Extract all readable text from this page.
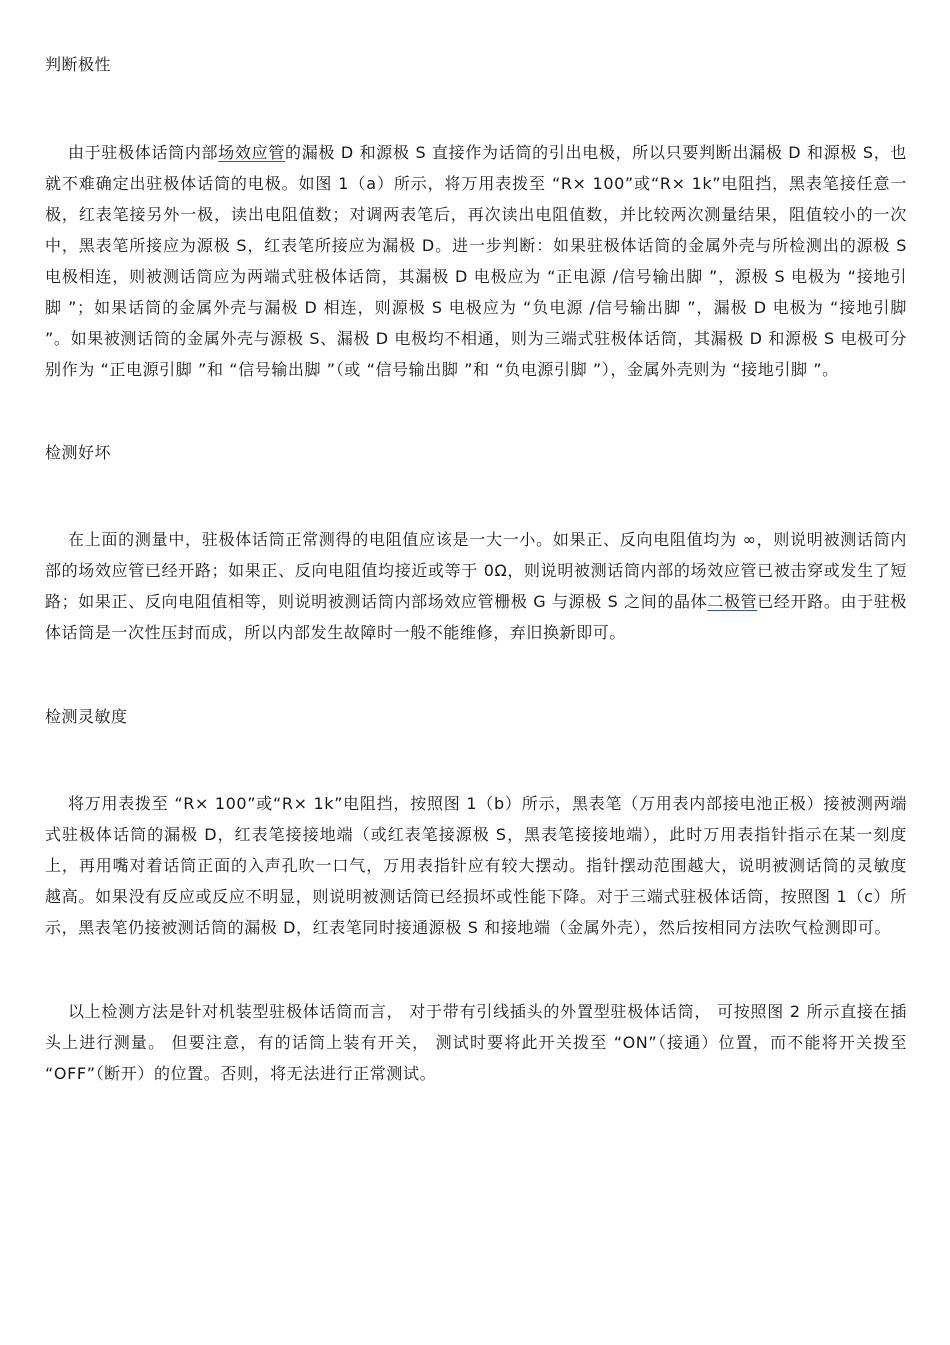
判断极性
由于驻极体话筒内部场效应管的漏极 D 和源极 S 直接作为话筒的引出电极，所以只要判断出漏极 D 和源极 S，也就不难确定出驻极体话筒的电极。如图 1（a）所示，将万用表拨至 “R× 100”或“R× 1k”电阻挡，黑表笔接任意一极，红表笔接另外一极，读出电阻值数；对调两表笔后，再次读出电阻值数，并比较两次测量结果，阻值较小的一次中，黑表笔所接应为源极 S，红表笔所接应为漏极 D。进一步判断：如果驻极体话筒的金属外壳与所检测出的源极 S 电极相连，则被测话筒应为两端式驻极体话筒，其漏极 D 电极应为 “正电源 /信号输出脚 ”，源极 S 电极为 “接地引脚 ”；如果话筒的金属外壳与漏极 D 相连，则源极 S 电极应为 “负电源 /信号输出脚 ”，漏极 D 电极为 “接地引脚 ”。如果被测话筒的金属外壳与源极 S、漏极 D 电极均不相通，则为三端式驻极体话筒，其漏极 D 和源极 S 电极可分别作为 “正电源引脚 ”和 “信号输出脚 ”（或 “信号输出脚 ”和 “负电源引脚 ”），金属外壳则为 “接地引脚 ”。
检测好坏
在上面的测量中，驻极体话筒正常测得的电阻值应该是一大一小。如果正、反向电阻值均为 ∞，则说明被测话筒内部的场效应管已经开路；如果正、反向电阻值均接近或等于 0Ω，则说明被测话筒内部的场效应管已被击穿或发生了短路；如果正、反向电阻值相等，则说明被测话筒内部场效应管栅极 G 与源极 S 之间的晶体二极管已经开路。由于驻极体话筒是一次性压封而成，所以内部发生故障时一般不能维修，弃旧换新即可。
检测灵敏度
将万用表拨至 “R× 100”或“R× 1k”电阻挡，按照图 1（b）所示，黑表笔（万用表内部接电池正极）接被测两端式驻极体话筒的漏极 D，红表笔接接地端（或红表笔接源极 S，黑表笔接接地端），此时万用表指针指示在某一刻度上，再用嘴对着话筒正面的入声孔吹一口气，万用表指针应有较大摆动。指针摆动范围越大，说明被测话筒的灵敏度越高。如果没有反应或反应不明显，则说明被测话筒已经损坏或性能下降。对于三端式驻极体话筒，按照图 1（c）所示，黑表笔仍接被测话筒的漏极 D，红表笔同时接通源极 S 和接地端（金属外壳），然后按相同方法吹气检测即可。
以上检测方法是针对机装型驻极体话筒而言， 对于带有引线插头的外置型驻极体话筒， 可按照图 2 所示直接在插头上进行测量。 但要注意，有的话筒上装有开关， 测试时要将此开关拨至 “ON”（接通）位置，而不能将开关拨至 “OFF”（断开）的位置。否则，将无法进行正常测试。
